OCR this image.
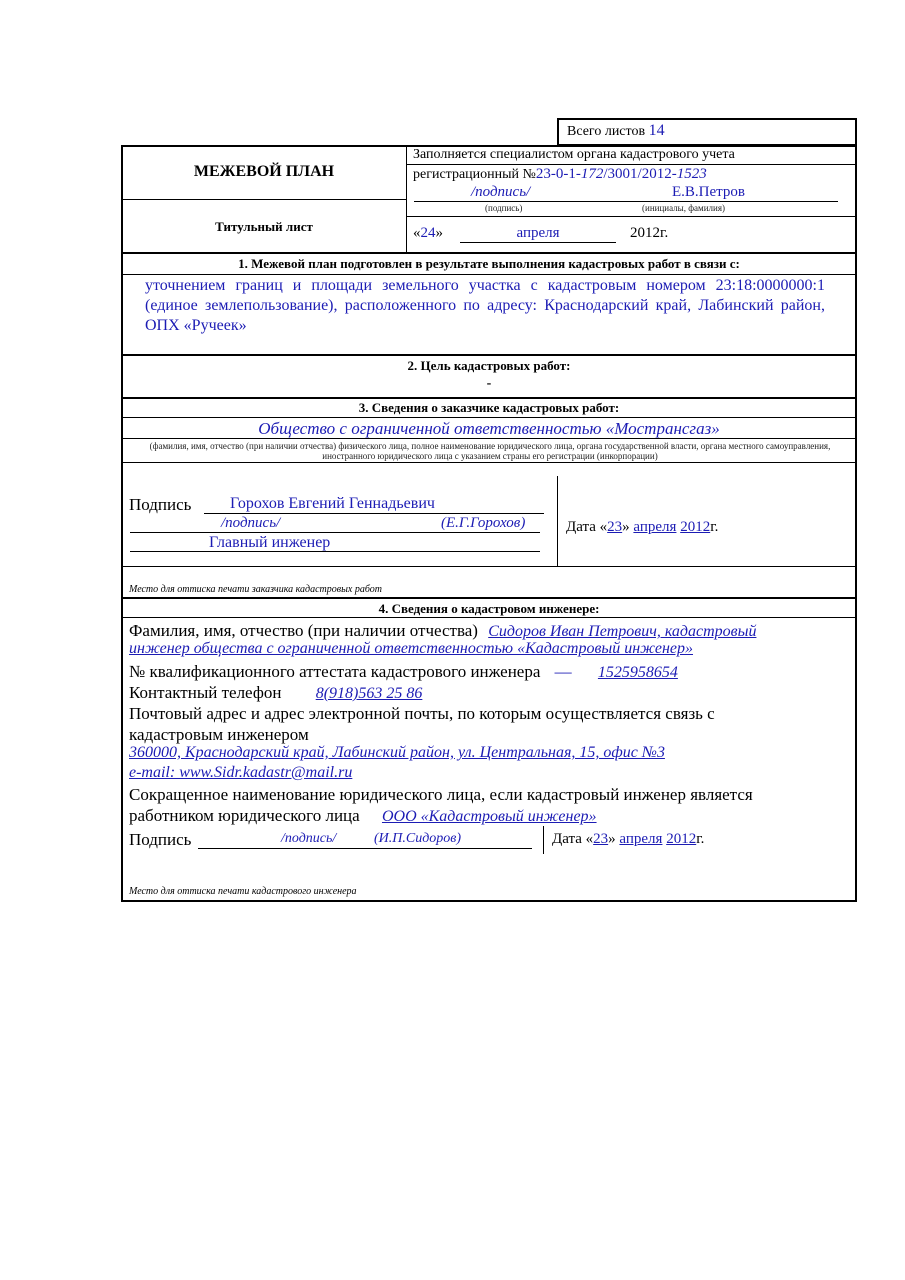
Всего листов 14
МЕЖЕВОЙ ПЛАН
Титульный лист
Заполняется специалистом органа кадастрового учета
регистрационный №23-0-1-172/3001/2012-1523
/подпись/	Е.В.Петров
(подпись)	(инициалы, фамилия)
«24»	апреля	2012г.
1. Межевой план подготовлен в результате выполнения кадастровых работ в связи с:
уточнением границ и площади земельного участка с кадастровым номером 23:18:0000000:1 (единое землепользование), расположенного по адресу: Краснодарский край, Лабинский район, ОПХ «Ручеек»
2. Цель кадастровых работ:
-
3. Сведения о заказчике кадастровых работ:
Общество с ограниченной ответственностью «Мострансгаз»
(фамилия, имя, отчество (при наличии отчества) физического лица, полное наименование юридического лица, органа государственной власти, органа местного самоуправления, иностранного юридического лица с указанием страны его регистрации (инкорпорации)
Подпись Горохов Евгений Геннадьевич
/подпись/	(Е.Г.Горохов)
Главный инженер
Дата «23» апреля 2012г.
Место для оттиска печати заказчика кадастровых работ
4. Сведения о кадастровом инженере:
Фамилия, имя, отчество (при наличии отчества) Сидоров Иван Петрович, кадастровый
инженер общества с ограниченной ответственностью «Кадастровый инженер»
№ квалификационного аттестата кадастрового инженера — 1525958654
Контактный телефон 8(918)563 25 86
Почтовый адрес и адрес электронной почты, по которым осуществляется связь с кадастровым инженером
360000, Краснодарский край, Лабинский район, ул. Центральная, 15, офис №3
e-mail: www.Sidr.kadastr@mail.ru
Сокращенное наименование юридического лица, если кадастровый инженер является работником юридического лица ООО «Кадастровый инженер»
Подпись	/подпись/	(И.П.Сидоров)	Дата «23» апреля 2012г.
Место для оттиска печати кадастрового инженера
